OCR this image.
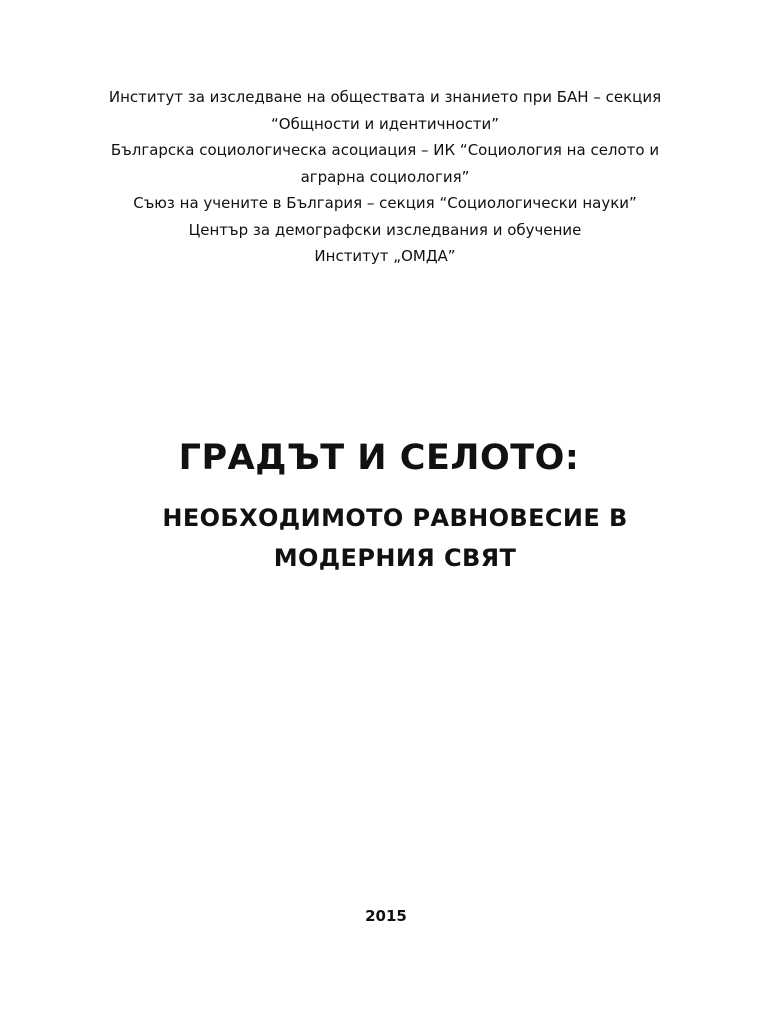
Институт за изследване на обществата и знанието при БАН – секция
“Общности и идентичности”
Българска социологическа асоциация – ИК “Социология на селото и
аграрна социология”
Съюз на учените в България – секция “Социологически науки”
Център за демографски изследвания и обучение
Институт „ОМДА”
ГРАДЪТ И СЕЛОТО:
НЕОБХОДИМОТО РАВНОВЕСИЕ В
МОДЕРНИЯ СВЯТ
2015
